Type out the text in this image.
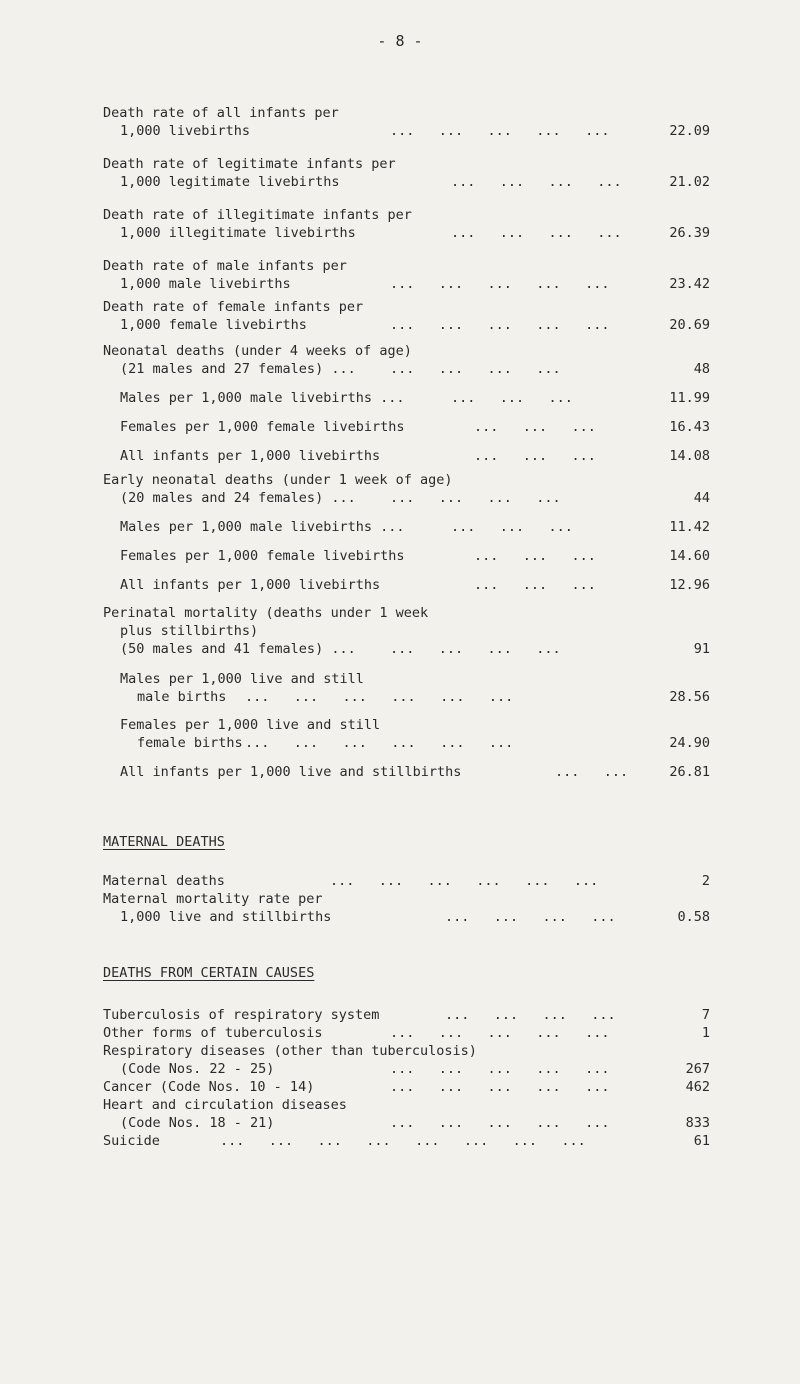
- 8 -
Death rate of all infants per
1,000 livebirths	...   ...   ...   ...   ...	22.09
Death rate of legitimate infants per
1,000 legitimate livebirths	...   ...   ...   ...	21.02
Death rate of illegitimate infants per
1,000 illegitimate livebirths	...   ...   ...   ...	26.39
Death rate of male infants per
1,000 male livebirths	...   ...   ...   ...   ...	23.42
Death rate of female infants per
1,000 female livebirths	...   ...   ...   ...   ...	20.69
Neonatal deaths (under 4 weeks of age)
(21 males and 27 females) ...	...   ...   ...   ...	48
Males per 1,000 male livebirths ...	...   ...   ...	11.99
Females per 1,000 female livebirths	...   ...   ...	16.43
All infants per 1,000 livebirths	...   ...   ...	14.08
Early neonatal deaths (under 1 week of age)
(20 males and 24 females) ...	...   ...   ...   ...	44
Males per 1,000 male livebirths ...	...   ...   ...	11.42
Females per 1,000 female livebirths	...   ...   ...	14.60
All infants per 1,000 livebirths	...   ...   ...	12.96
Perinatal mortality (deaths under 1 week
plus stillbirths)
(50 males and 41 females) ...	...   ...   ...   ...	91
Males per 1,000 live and still
male births ...   ...   ...   ...   ...   ...	28.56
Females per 1,000 live and still
female births ...   ...   ...   ...   ...   ...	24.90
All infants per 1,000 live and stillbirths	...   ...	26.81
MATERNAL DEATHS
Maternal deaths	...   ...   ...   ...   ...   ...	2
Maternal mortality rate per
1,000 live and stillbirths	...   ...   ...   ...	0.58
DEATHS FROM CERTAIN CAUSES
Tuberculosis of respiratory system	...   ...   ...   ...	7
Other forms of tuberculosis	...   ...   ...   ...   ...	1
Respiratory diseases (other than tuberculosis)
(Code Nos. 22 - 25)	...   ...   ...   ...   ...	267
Cancer (Code Nos. 10 - 14)	...   ...   ...   ...   ...	462
Heart and circulation diseases
(Code Nos. 18 - 21)	...   ...   ...   ...   ...	833
Suicide	...   ...   ...   ...   ...   ...   ...   ...	61
